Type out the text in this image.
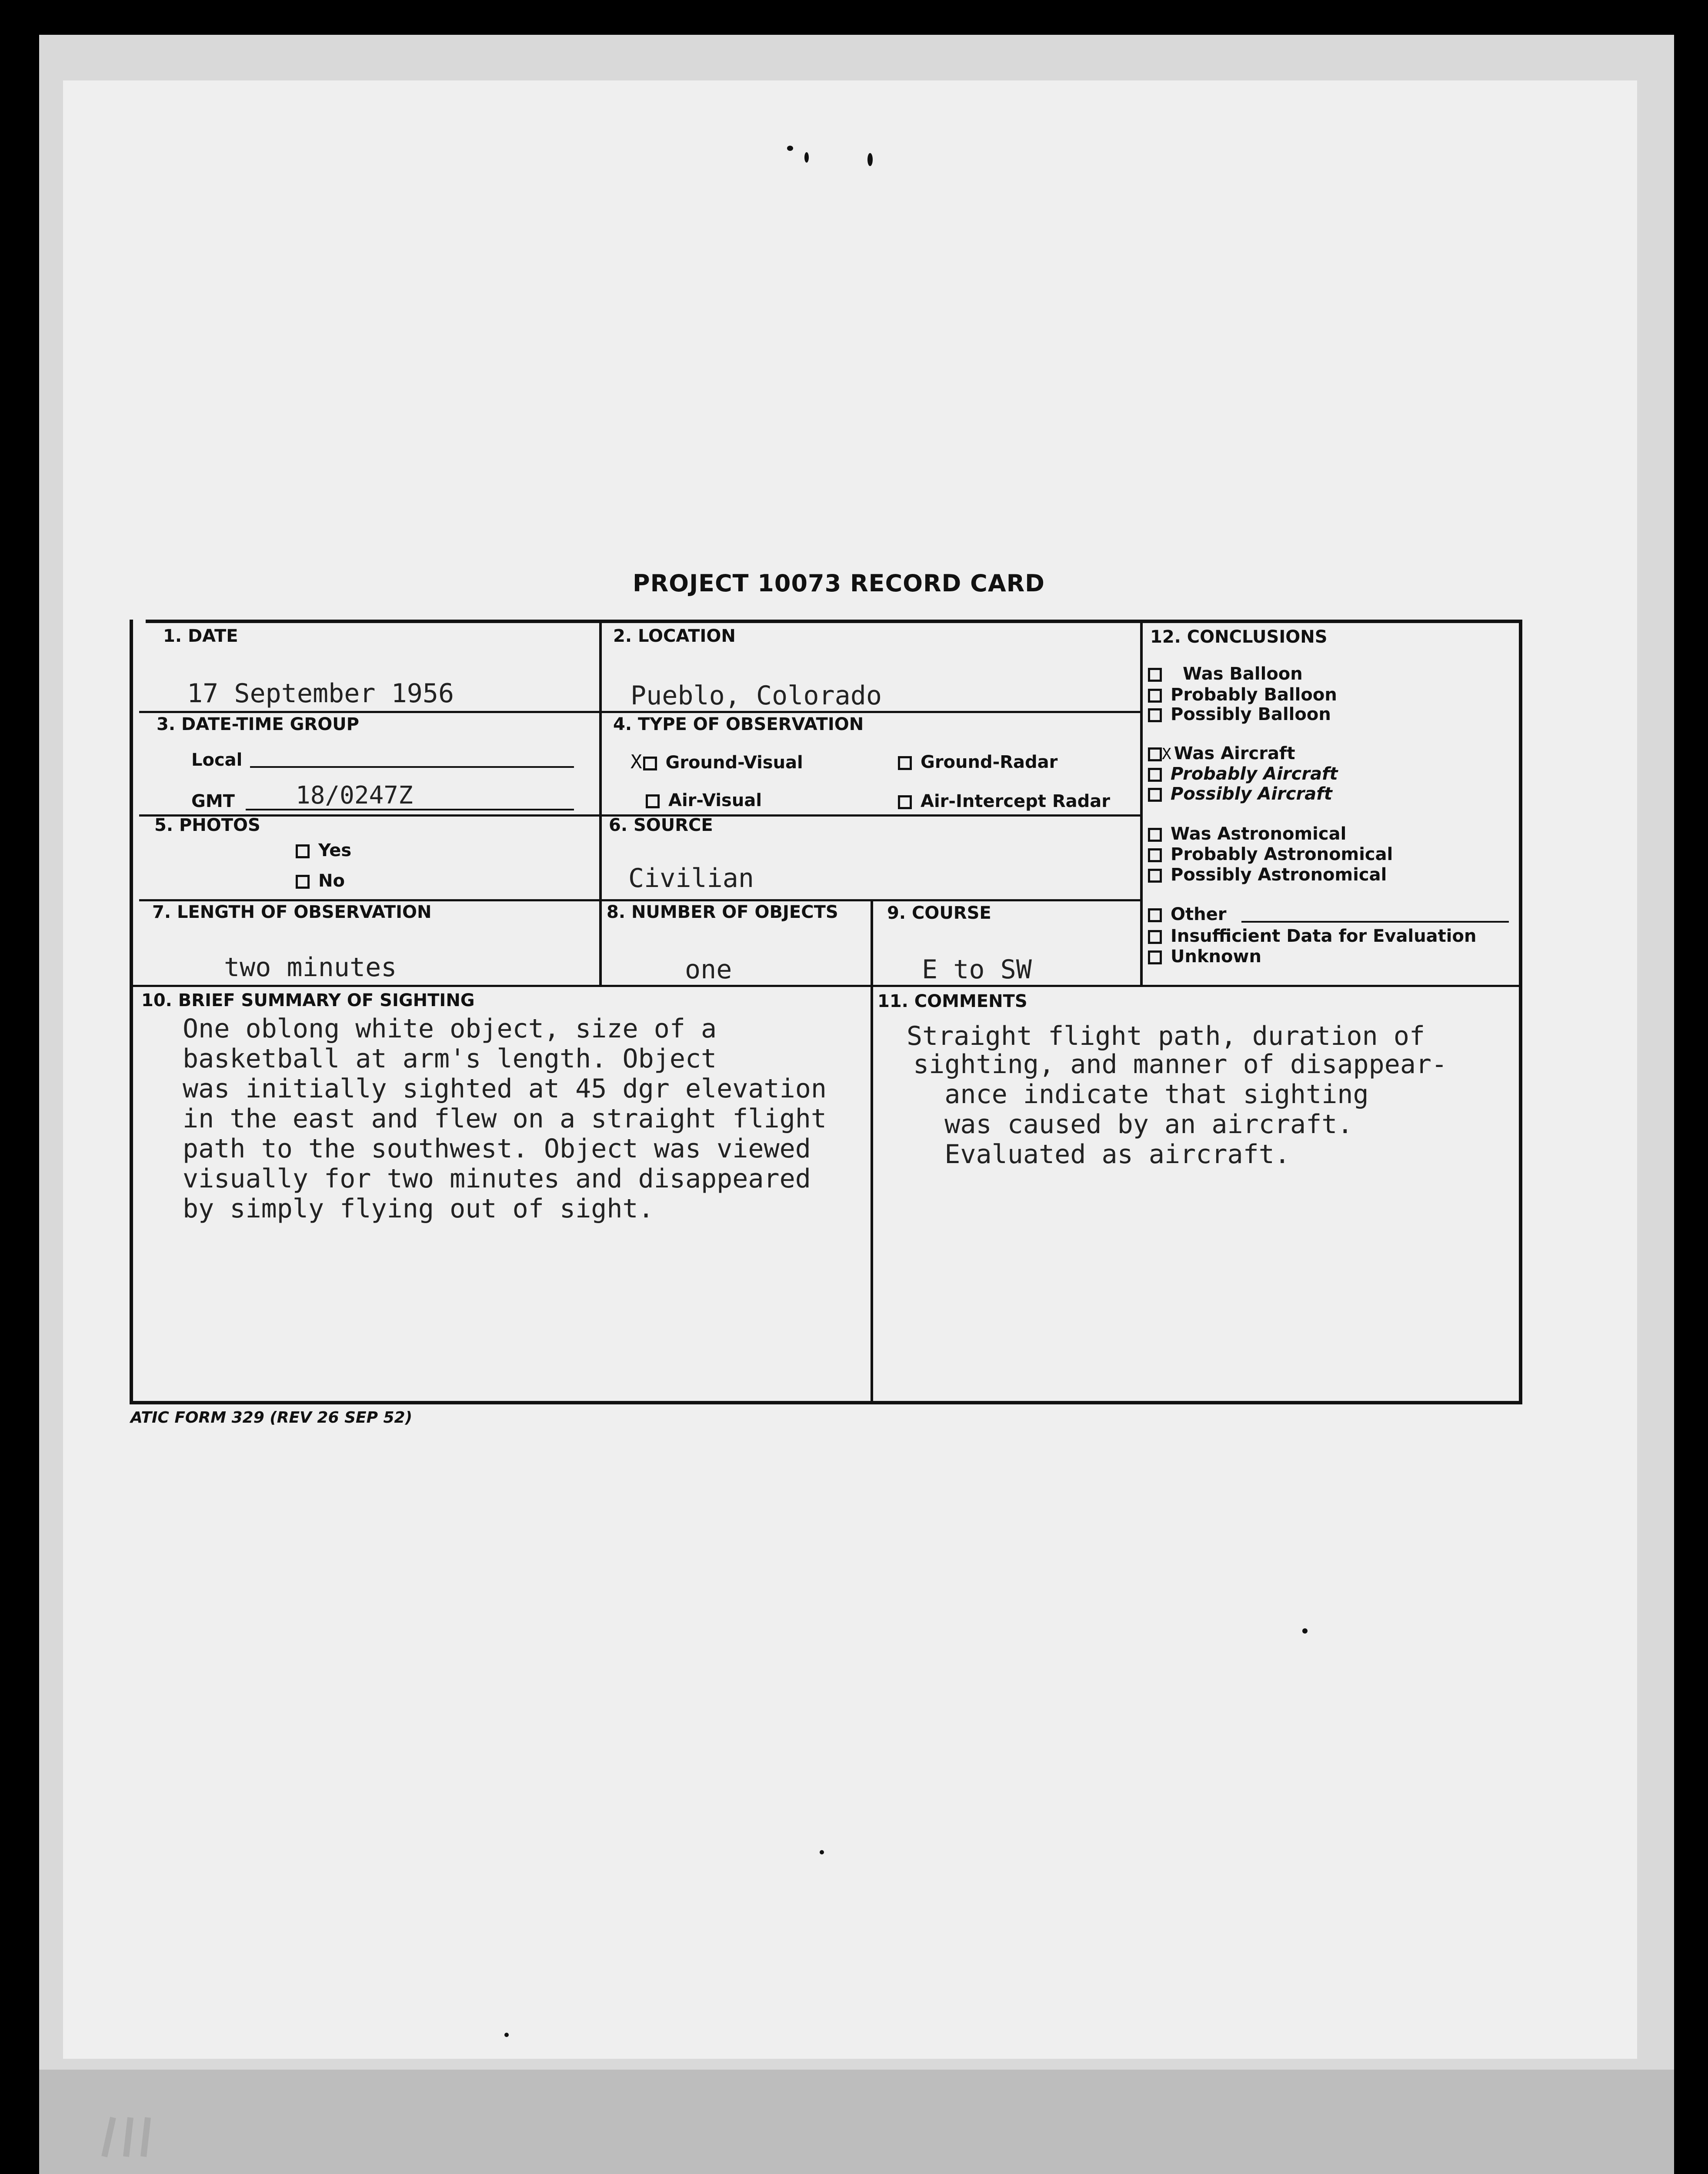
PROJECT 10073 RECORD CARD
1. DATE
17 September 1956
2. LOCATION
Pueblo, Colorado
3. DATE-TIME GROUP
Local
GMT	18/0247Z
4. TYPE OF OBSERVATION
X Ground-Visual	Ground-Radar
Air-Visual	Air-Intercept Radar
5. PHOTOS
Yes
No
6. SOURCE
Civilian
7. LENGTH OF OBSERVATION
two minutes
8. NUMBER OF OBJECTS
one
9. COURSE
E to SW
10. BRIEF SUMMARY OF SIGHTING
One oblong white object, size of a
basketball at arm's length. Object
was initially sighted at 45 dgr elevation
in the east and flew on a straight flight
path to the southwest. Object was viewed
visually for two minutes and disappeared
by simply flying out of sight.
11. COMMENTS
Straight flight path, duration of
sighting, and manner of disappear-
ance indicate that sighting
was caused by an aircraft.
Evaluated as aircraft.
12. CONCLUSIONS
Was Balloon
Probably Balloon
Possibly Balloon
X Was Aircraft
Probably Aircraft
Possibly Aircraft
Was Astronomical
Probably Astronomical
Possibly Astronomical
Other
Insufficient Data for Evaluation
Unknown
ATIC FORM 329 (REV 26 SEP 52)
